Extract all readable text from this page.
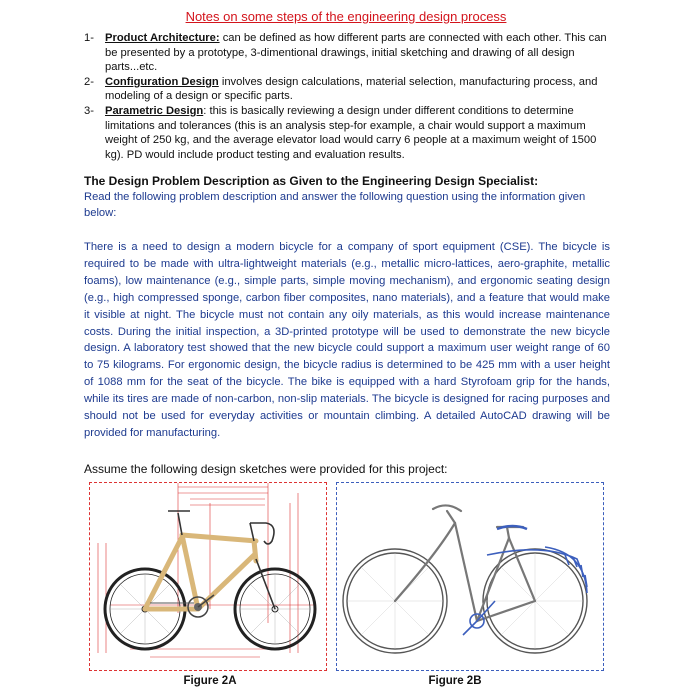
Notes on some steps of the engineering design process
1- Product Architecture: can be defined as how different parts are connected with each other. This can be presented by a prototype, 3-dimentional drawings, initial sketching and drawing of all design parts...etc.
2- Configuration Design involves design calculations, material selection, manufacturing process, and modeling of a design or specific parts.
3- Parametric Design: this is basically reviewing a design under different conditions to determine limitations and tolerances (this is an analysis step-for example, a chair would support a maximum weight of 250 kg, and the average elevator load would carry 6 people at a maximum weight of 1500 kg). PD would include product testing and evaluation results.
The Design Problem Description as Given to the Engineering Design Specialist:
Read the following problem description and answer the following question using the information given below:
There is a need to design a modern bicycle for a company of sport equipment (CSE). The bicycle is required to be made with ultra-lightweight materials (e.g., metallic micro-lattices, aero-graphite, metallic foams), low maintenance (e.g., simple parts, simple moving mechanism), and ergonomic seating design (e.g., high compressed sponge, carbon fiber composites, nano materials), and a feature that would make it visible at night. The bicycle must not contain any oily materials, as this would increase maintenance costs. During the initial inspection, a 3D-printed prototype will be used to demonstrate the new bicycle design. A laboratory test showed that the new bicycle could support a maximum user weight range of 60 to 75 kilograms. For ergonomic design, the bicycle radius is determined to be 425 mm with a user height of 1088 mm for the seat of the bicycle. The bike is equipped with a hard Styrofoam grip for the hands, while its tires are made of non-carbon, non-slip materials. The bicycle is designed for racing purposes and should not be used for everyday activities or mountain climbing. A detailed AutoCAD drawing will be provided for manufacturing.
Assume the following design sketches were provided for this project:
Figure 2A	Figure 2B
